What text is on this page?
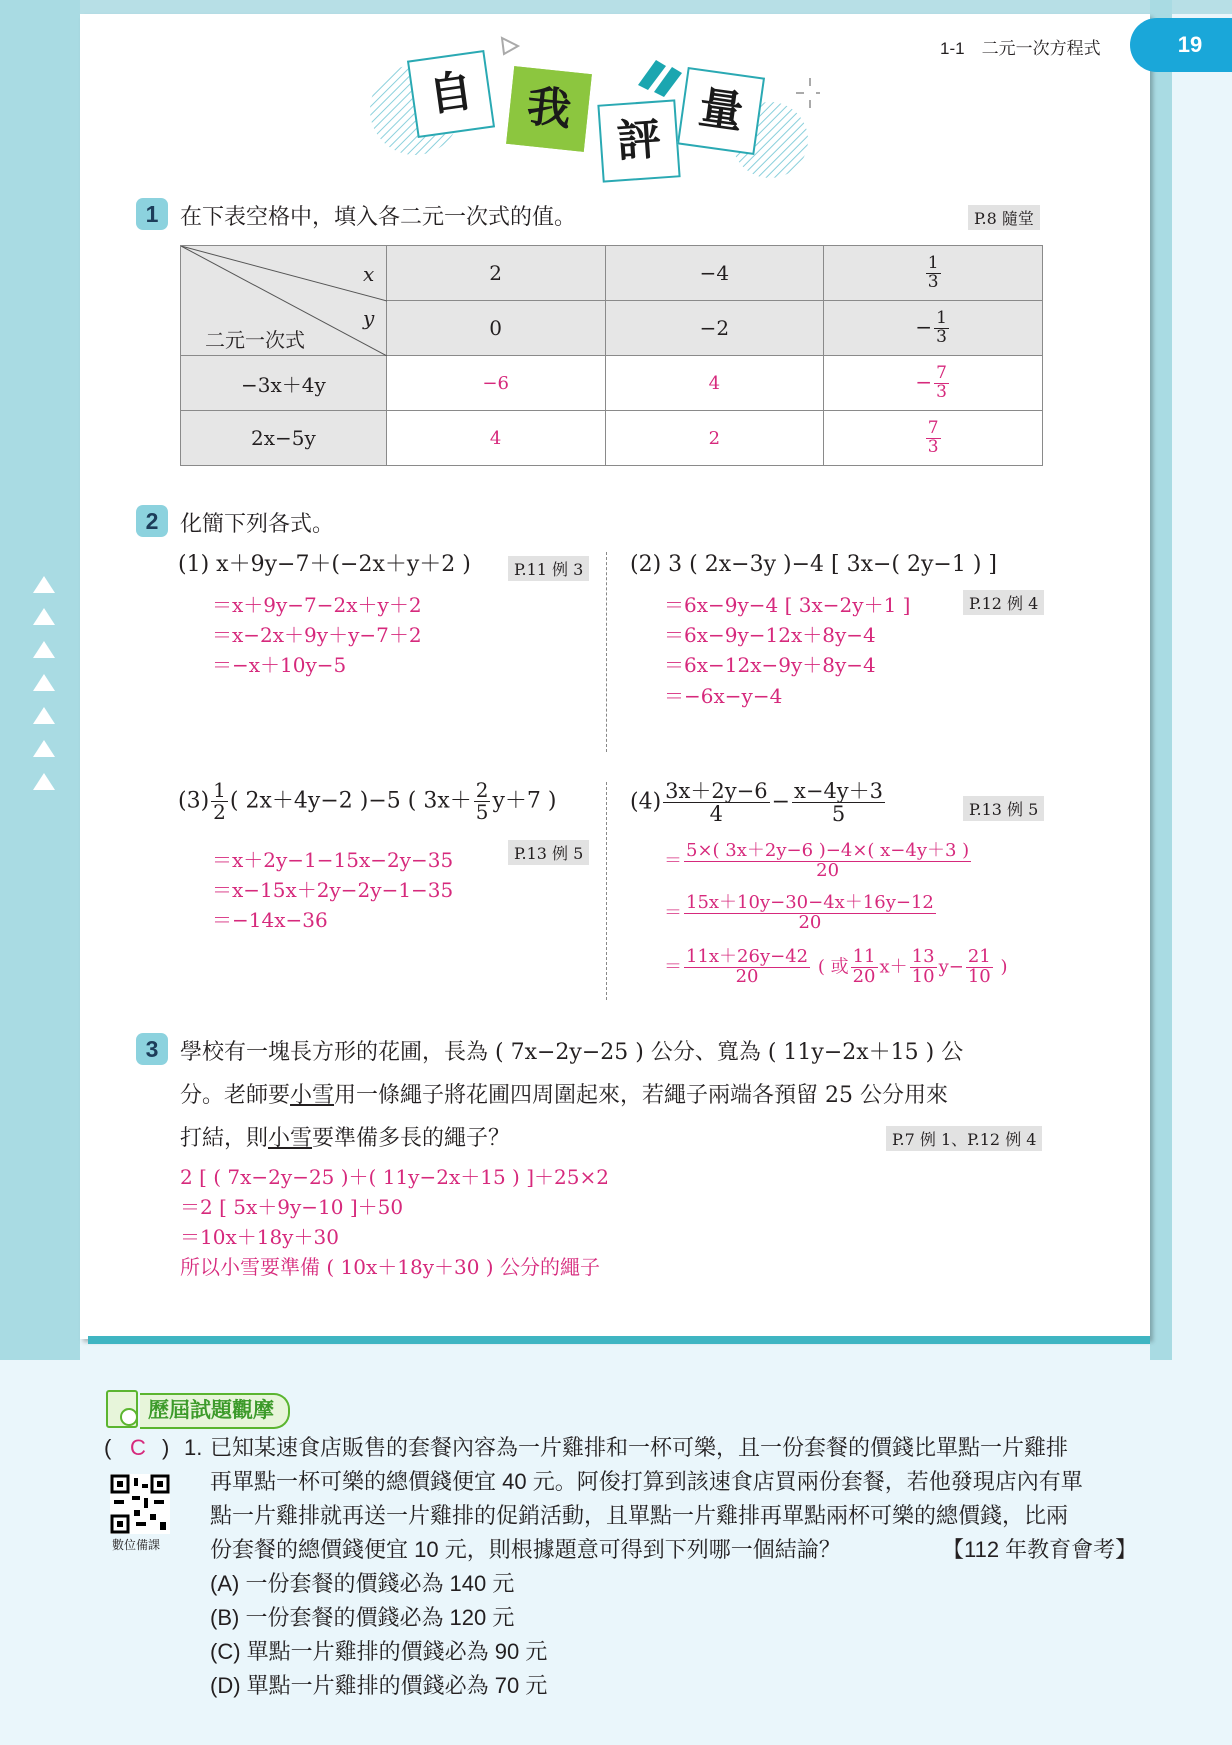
1-1　二元一次方程式	19
自	我
評
量
1 在下表空格中，填入各二元一次式的值。	P.8 隨堂
x
y
二元一次式	2	−4	$\frac{1}{3}$

	0	−2	− $\frac{1}{3}$

−3x＋4y	−6	4	− $\frac{7}{3}$

2x−5y	4	2	$\frac{7}{3}$
2 化簡下列各式。
(1) x＋9y−7＋(−2x＋y＋2 )	P.11 例 3
＝x＋9y−7−2x＋y＋2
＝x−2x＋9y＋y−7＋2
＝−x＋10y−5
(2) 3 ( 2x−3y )−4 [ 3x−( 2y−1 ) ]
P.12 例 4
＝6x−9y−4 [ 3x−2y＋1 ]
＝6x−9y−12x＋8y−4
＝6x−12x−9y＋8y−4
＝−6x−y−4
$(3) \frac{1}{2}$ ( 2x＋4y−2 )−5 ( $3x+ \frac{2}{5} y+7$ )
P.13 例 5
＝x＋2y−1−15x−2y−35
＝x−15x＋2y−2y−1−35
＝−14x−36
$(4) \frac{3x+2y-6}{4} - \frac{x-4y+3}{5}$	P.13 例 5
＝ $\frac{5\times( 3x+2y-6 )-4\times( x-4y+3 )}{20}$
＝ $\frac{15x+10y-30-4x+16y-12}{20}$
＝ $\frac{11x+26y-42}{20}$ ( 或 $\frac{11}{20} x+ \frac{13}{10} y- \frac{21}{10}$ )
3 學校有一塊長方形的花圃，長為 ( 7x−2y−25 ) 公分、寬為 ( 11y−2x＋15 ) 公
分。老師要小雪用一條繩子將花圃四周圍起來，若繩子兩端各預留 25 公分用來
打結，則小雪要準備多長的繩子？	P.7 例 1、P.12 例 4
2 [ ( 7x−2y−25 )＋( 11y−2x＋15 ) ]＋25×2
＝2 [ 5x＋9y−10 ]＋50
＝10x＋18y＋30
所以小雪要準備 ( 10x＋18y＋30 ) 公分的繩子
歷屆試題觀摩
( C ) 1.
數位備課
已知某速食店販售的套餐內容為一片雞排和一杯可樂，且一份套餐的價錢比單點一片雞排
再單點一杯可樂的總價錢便宜 40 元。阿俊打算到該速食店買兩份套餐，若他發現店內有單
點一片雞排就再送一片雞排的促銷活動，且單點一片雞排再單點兩杯可樂的總價錢，比兩
份套餐的總價錢便宜 10 元，則根據題意可得到下列哪一個結論？	【112 年教育會考】
(A) 一份套餐的價錢必為 140 元
(B) 一份套餐的價錢必為 120 元
(C) 單點一片雞排的價錢必為 90 元
(D) 單點一片雞排的價錢必為 70 元
